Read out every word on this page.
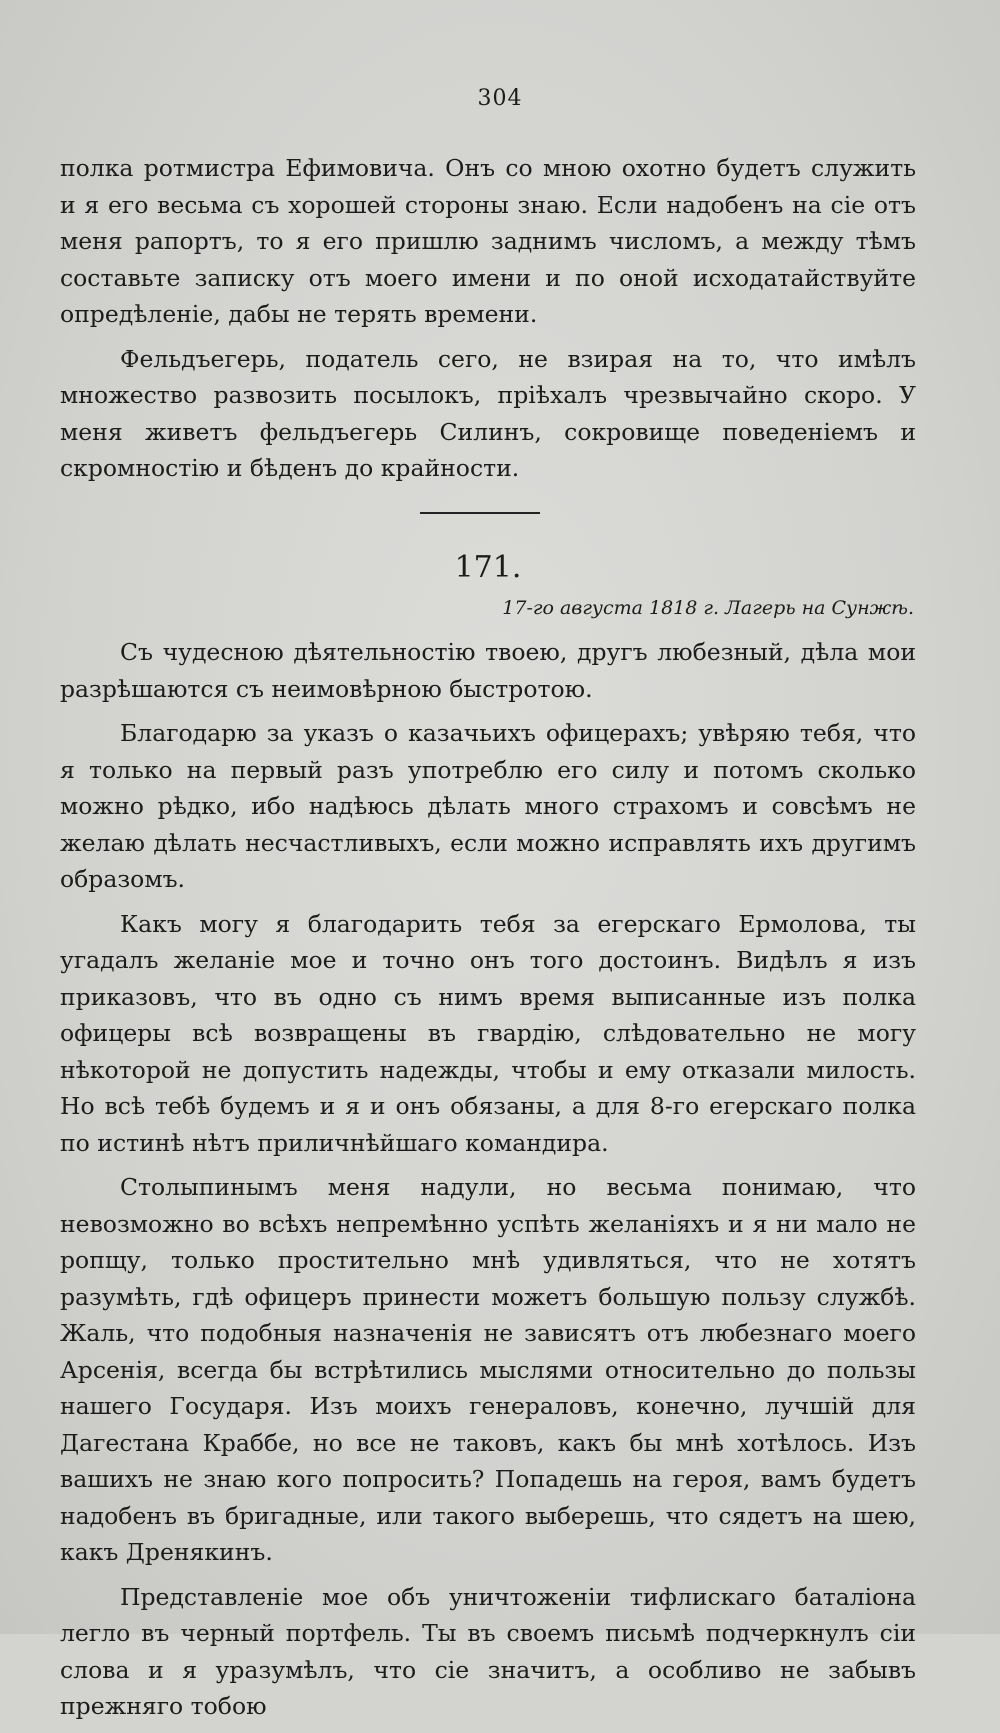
304

полка ротмистра Ефимовича. Онъ со мною охотно будетъ служить и я его весьма съ хорошей стороны знаю. Если надобенъ на сіе отъ меня рапортъ, то я его пришлю заднимъ числомъ, а между тѣмъ составьте записку отъ моего имени и по оной исходатайствуйте опредѣленіе, дабы не терять времени.

Фельдъегерь, податель сего, не взирая на то, что имѣлъ множество развозить посылокъ, пріѣхалъ чрезвычайно скоро. У меня живетъ фельдъегерь Силинъ, сокровище поведеніемъ и скромностію и бѣденъ до крайности.

171.
17-го августа 1818 г. Лагерь на Сунжѣ.

Съ чудесною дѣятельностію твоею, другъ любезный, дѣла мои разрѣшаются съ неимовѣрною быстротою.

Благодарю за указъ о казачьихъ офицерахъ; увѣряю тебя, что я только на первый разъ употреблю его силу и потомъ сколько можно рѣдко, ибо надѣюсь дѣлать много страхомъ и совсѣмъ не желаю дѣлать несчастливыхъ, если можно исправлять ихъ другимъ образомъ.

Какъ могу я благодарить тебя за егерскаго Ермолова, ты угадалъ желаніе мое и точно онъ того достоинъ. Видѣлъ я изъ приказовъ, что въ одно съ нимъ время выписанные изъ полка офицеры всѣ возвращены въ гвардію, слѣдовательно не могу нѣкоторой не допустить надежды, чтобы и ему отказали милость. Но всѣ тебѣ будемъ и я и онъ обязаны, а для 8-го егерскаго полка по истинѣ нѣтъ приличнѣйшаго командира.

Столыпинымъ меня надули, но весьма понимаю, что невозможно во всѣхъ непремѣнно успѣть желаніяхъ и я ни мало не ропщу, только простительно мнѣ удивляться, что не хотятъ разумѣть, гдѣ офицеръ принести можетъ большую пользу службѣ. Жаль, что подобныя назначенія не зависятъ отъ любезнаго моего Арсенія, всегда бы встрѣтились мыслями относительно до пользы нашего Государя. Изъ моихъ генераловъ, конечно, лучшій для Дагестана Краббе, но все не таковъ, какъ бы мнѣ хотѣлось. Изъ вашихъ не знаю кого попросить? Попадешь на героя, вамъ будетъ надобенъ въ бригадные, или такого выберешь, что сядетъ на шею, какъ Дренякинъ.

Представленіе мое объ уничтоженіи тифлискаго баталіона легло въ черный портфель. Ты въ своемъ письмѣ подчеркнулъ сіи слова и я уразумѣлъ, что сіе значитъ, а особливо не забывъ прежняго тобою
